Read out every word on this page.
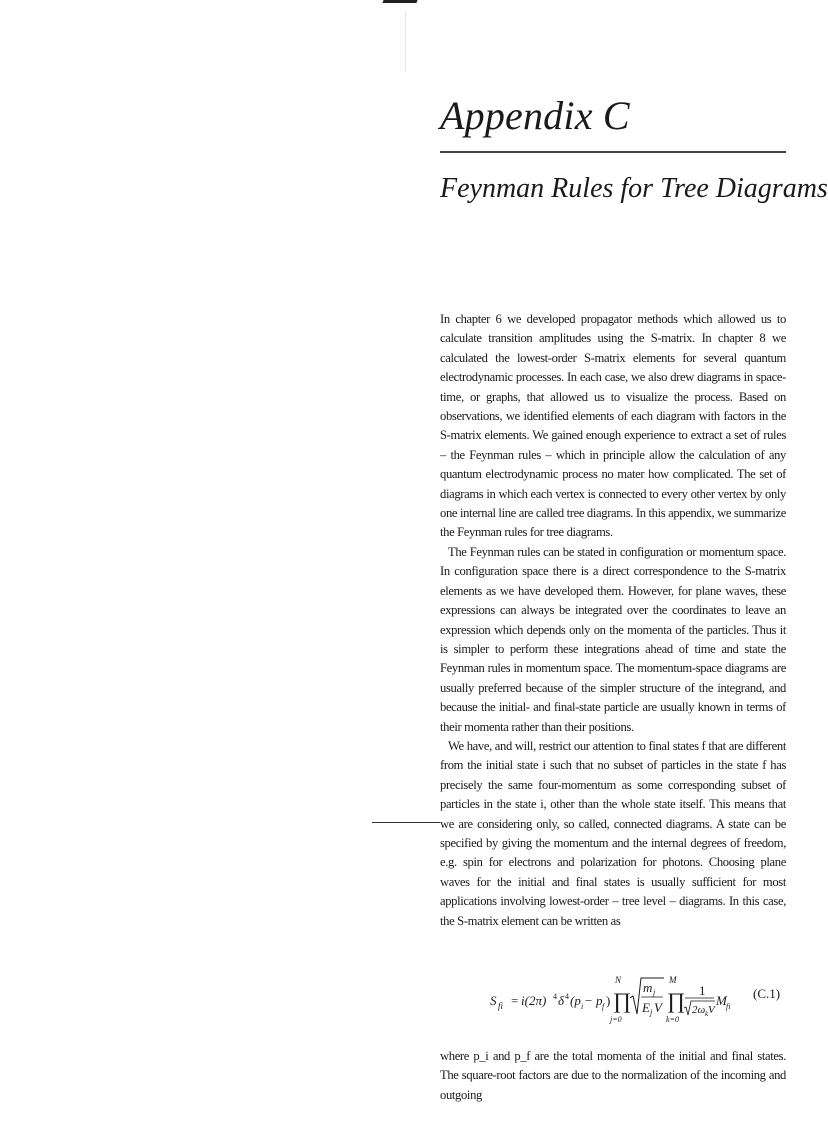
Appendix C
Feynman Rules for Tree Diagrams

In chapter 6 we developed propagator methods which allowed us to calculate transition amplitudes using the S-matrix. In chapter 8 we calculated the lowest-order S-matrix elements for several quantum electrodynamic processes. In each case, we also drew diagrams in space-time, or graphs, that allowed us to visualize the process. Based on observations, we identified elements of each diagram with factors in the S-matrix elements. We gained enough experience to extract a set of rules – the Feynman rules – which in principle allow the calculation of any quantum electrodynamic process no mater how complicated. The set of diagrams in which each vertex is connected to every other vertex by only one internal line are called tree diagrams. In this appendix, we summarize the Feynman rules for tree diagrams.

The Feynman rules can be stated in configuration or momentum space. In configuration space there is a direct correspondence to the S-matrix elements as we have developed them. However, for plane waves, these expressions can always be integrated over the coordinates to leave an expression which depends only on the momenta of the particles. Thus it is simpler to perform these integrations ahead of time and state the Feynman rules in momentum space. The momentum-space diagrams are usually preferred because of the simpler structure of the integrand, and because the initial- and final-state particle are usually known in terms of their momenta rather than their positions.

We have, and will, restrict our attention to final states f that are different from the initial state i such that no subset of particles in the state f has precisely the same four-momentum as some corresponding subset of particles in the state i, other than the whole state itself. This means that we are considering only, so called, connected diagrams. A state can be specified by giving the momentum and the internal degrees of freedom, e.g. spin for electrons and polarization for photons. Choosing plane waves for the initial and final states is usually sufficient for most applications involving lowest-order – tree level – diagrams. In this case, the S-matrix element can be written as

S fi = i(2π) 4 δ 4 (p i − p f )
N
∏
j=0
m j
E j V
M
∏
k=0
1
2ω k V
M fi
(C.1)

where p_i and p_f are the total momenta of the initial and final states. The square-root factors are due to the normalization of the incoming and outgoing
